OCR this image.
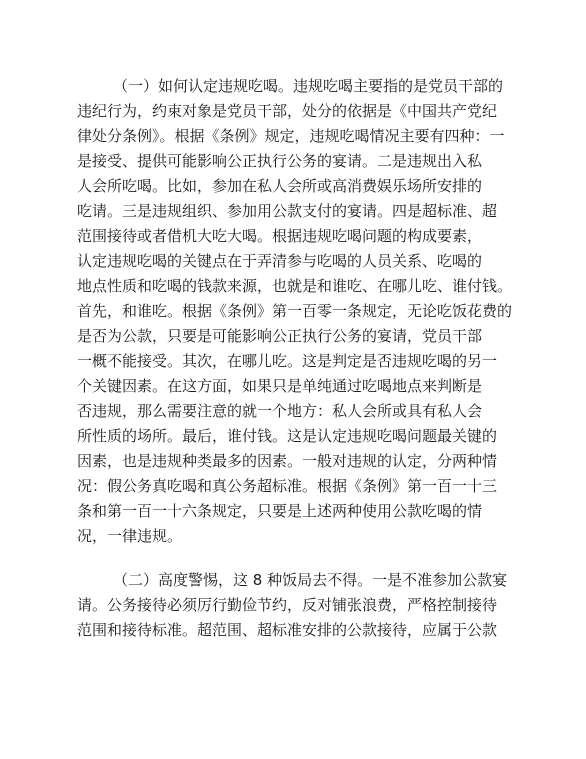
（一）如何认定违规吃喝。违规吃喝主要指的是党员干部的
违纪行为，约束对象是党员干部，处分的依据是《中国共产党纪
律处分条例》。根据《条例》规定，违规吃喝情况主要有四种：一
是接受、提供可能影响公正执行公务的宴请。二是违规出入私
人会所吃喝。比如，参加在私人会所或高消费娱乐场所安排的
吃请。三是违规组织、参加用公款支付的宴请。四是超标准、超
范围接待或者借机大吃大喝。根据违规吃喝问题的构成要素，
认定违规吃喝的关键点在于弄清参与吃喝的人员关系、吃喝的
地点性质和吃喝的钱款来源，也就是和谁吃、在哪儿吃、谁付钱。
首先，和谁吃。根据《条例》第一百零一条规定，无论吃饭花费的
是否为公款，只要是可能影响公正执行公务的宴请，党员干部
一概不能接受。其次，在哪儿吃。这是判定是否违规吃喝的另一
个关键因素。在这方面，如果只是单纯通过吃喝地点来判断是
否违规，那么需要注意的就一个地方：私人会所或具有私人会
所性质的场所。最后，谁付钱。这是认定违规吃喝问题最关键的
因素，也是违规种类最多的因素。一般对违规的认定，分两种情
况：假公务真吃喝和真公务超标准。根据《条例》第一百一十三
条和第一百一十六条规定，只要是上述两种使用公款吃喝的情
况，一律违规。
（二）高度警惕，这 8 种饭局去不得。一是不准参加公款宴
请。公务接待必须厉行勤俭节约，反对铺张浪费，严格控制接待
范围和接待标准。超范围、超标准安排的公款接待，应属于公款
